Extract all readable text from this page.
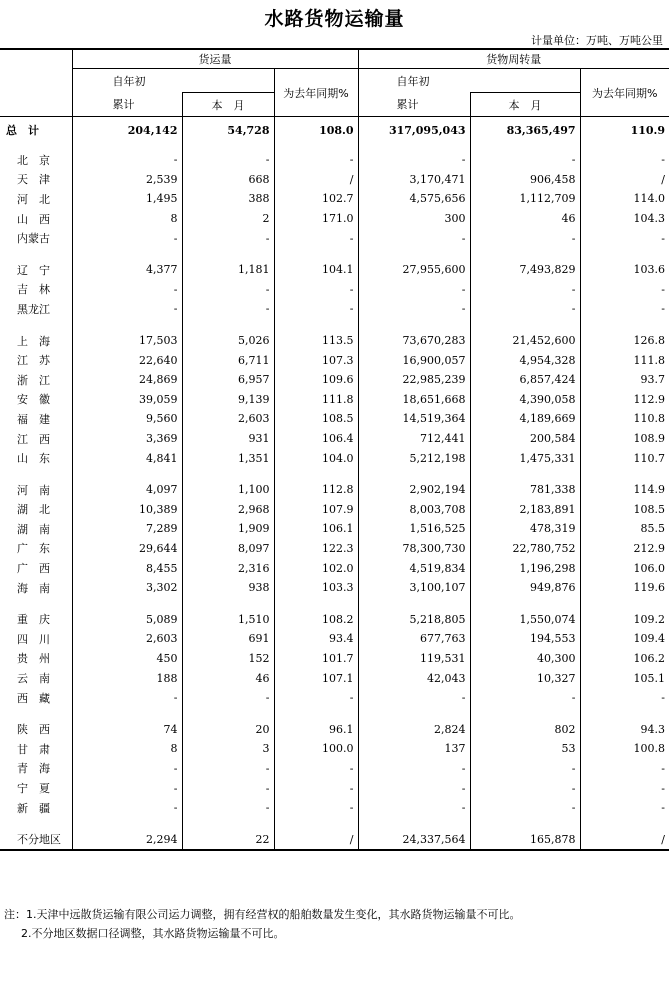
水路货物运输量
计量单位：万吨、万吨公里
	货运量			货物周转量		
	自年初		为去年同期%	自年初		为去年同期%
	累计	本　月		累计	本　月	
总　计	204,142	54,728	108.0	317,095,043	83,365,497	110.9

北　京	-	-	-	-	-	-
天　津	2,539	668	/	3,170,471	906,458	/
河　北	1,495	388	102.7	4,575,656	1,112,709	114.0
山　西	8	2	171.0	300	46	104.3
内蒙古	-	-	-	-	-	-

辽　宁	4,377	1,181	104.1	27,955,600	7,493,829	103.6
吉　林	-	-	-	-	-	-
黑龙江	-	-	-	-	-	-

上　海	17,503	5,026	113.5	73,670,283	21,452,600	126.8
江　苏	22,640	6,711	107.3	16,900,057	4,954,328	111.8
浙　江	24,869	6,957	109.6	22,985,239	6,857,424	93.7
安　徽	39,059	9,139	111.8	18,651,668	4,390,058	112.9
福　建	9,560	2,603	108.5	14,519,364	4,189,669	110.8
江　西	3,369	931	106.4	712,441	200,584	108.9
山　东	4,841	1,351	104.0	5,212,198	1,475,331	110.7

河　南	4,097	1,100	112.8	2,902,194	781,338	114.9
湖　北	10,389	2,968	107.9	8,003,708	2,183,891	108.5
湖　南	7,289	1,909	106.1	1,516,525	478,319	85.5
广　东	29,644	8,097	122.3	78,300,730	22,780,752	212.9
广　西	8,455	2,316	102.0	4,519,834	1,196,298	106.0
海　南	3,302	938	103.3	3,100,107	949,876	119.6

重　庆	5,089	1,510	108.2	5,218,805	1,550,074	109.2
四　川	2,603	691	93.4	677,763	194,553	109.4
贵　州	450	152	101.7	119,531	40,300	106.2
云　南	188	46	107.1	42,043	10,327	105.1
西　藏	-	-	-	-	-	-

陕　西	74	20	96.1	2,824	802	94.3
甘　肃	8	3	100.0	137	53	100.8
青　海	-	-	-	-	-	-
宁　夏	-	-	-	-	-	-
新　疆	-	-	-	-	-	-

不分地区	2,294	22	/	24,337,564	165,878	/
注：1.天津中远散货运输有限公司运力调整，拥有经营权的船舶数量发生变化，其水路货物运输量不可比。
2.不分地区数据口径调整，其水路货物运输量不可比。
